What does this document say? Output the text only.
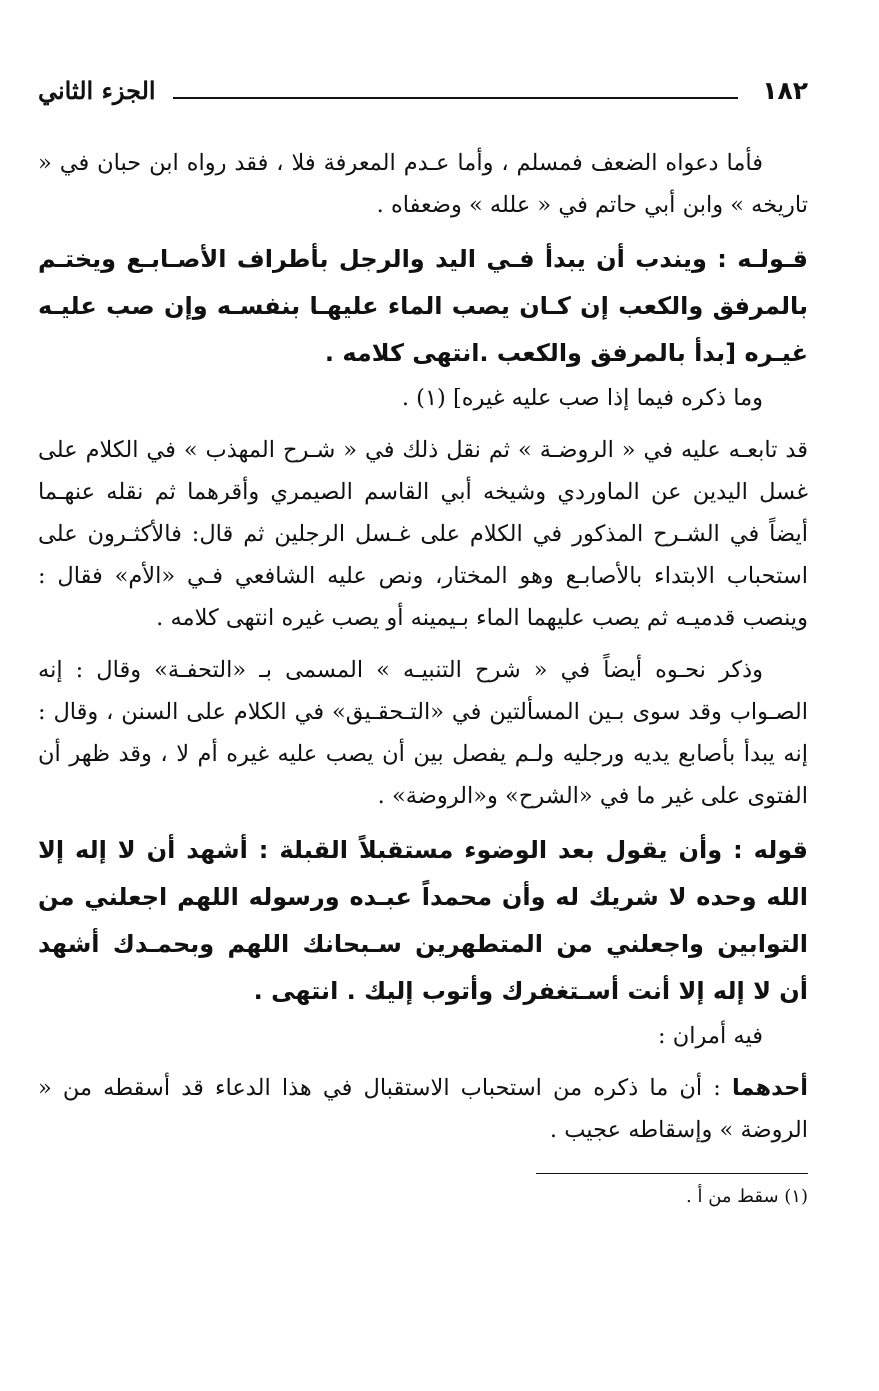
١٨٢
الجزء الثاني

فأما دعواه الضعف فمسلم ، وأما عـدم المعرفة فلا ، فقد رواه ابن حبان في « تاريخه » وابن أبي حاتم في « علله » وضعفاه .

قـولـه : ويندب أن يبدأ فـي اليد والرجل بأطراف الأصـابـع ويختـم بالمرفق والكعب إن كـان يصب الماء عليهـا بنفسـه وإن صب عليـه غيـره [بدأ بالمرفق والكعب .انتهى كلامه .

وما ذكره فيما إذا صب عليه غيره] (١) .

قد تابعـه عليه في « الروضـة » ثم نقل ذلك في « شـرح المهذب » في الكلام على غسل اليدين عن الماوردي وشيخه أبي القاسم الصيمري وأقرهما ثم نقله عنهـما أيضاً في الشـرح المذكور في الكلام على غـسل الرجلين ثم قال: فالأكثـرون على استحباب الابتداء بالأصابـع وهو المختار، ونص عليه الشافعي فـي «الأم» فقال : وينصب قدميـه ثم يصب عليهما الماء بـيمينه أو يصب غيره انتهى كلامه .

وذكر نحـوه أيضاً في « شرح التنبيـه » المسمى بـ «التحفـة» وقال : إنه الصـواب وقد سوى بـين المسألتين في «التـحقـيق» في الكلام على السنن ، وقال : إنه يبدأ بأصابع يديه ورجليه ولـم يفصل بين أن يصب عليه غيره أم لا ، وقد ظهر أن الفتوى على غير ما في «الشرح» و«الروضة» .

قوله : وأن يقول بعد الوضوء مستقبلاً القبلة : أشهد أن لا إله إلا الله وحده لا شريك له وأن محمداً عبـده ورسوله اللهم اجعلني من التوابين واجعلني من المتطهرين سـبحانك اللهم وبحمـدك أشهد أن لا إله إلا أنت أسـتغفرك وأتوب إليك . انتهى .

فيه أمران :

أحدهما : أن ما ذكره من استحباب الاستقبال في هذا الدعاء قد أسقطه من « الروضة » وإسقاطه عجيب .

(١) سقط من أ .
